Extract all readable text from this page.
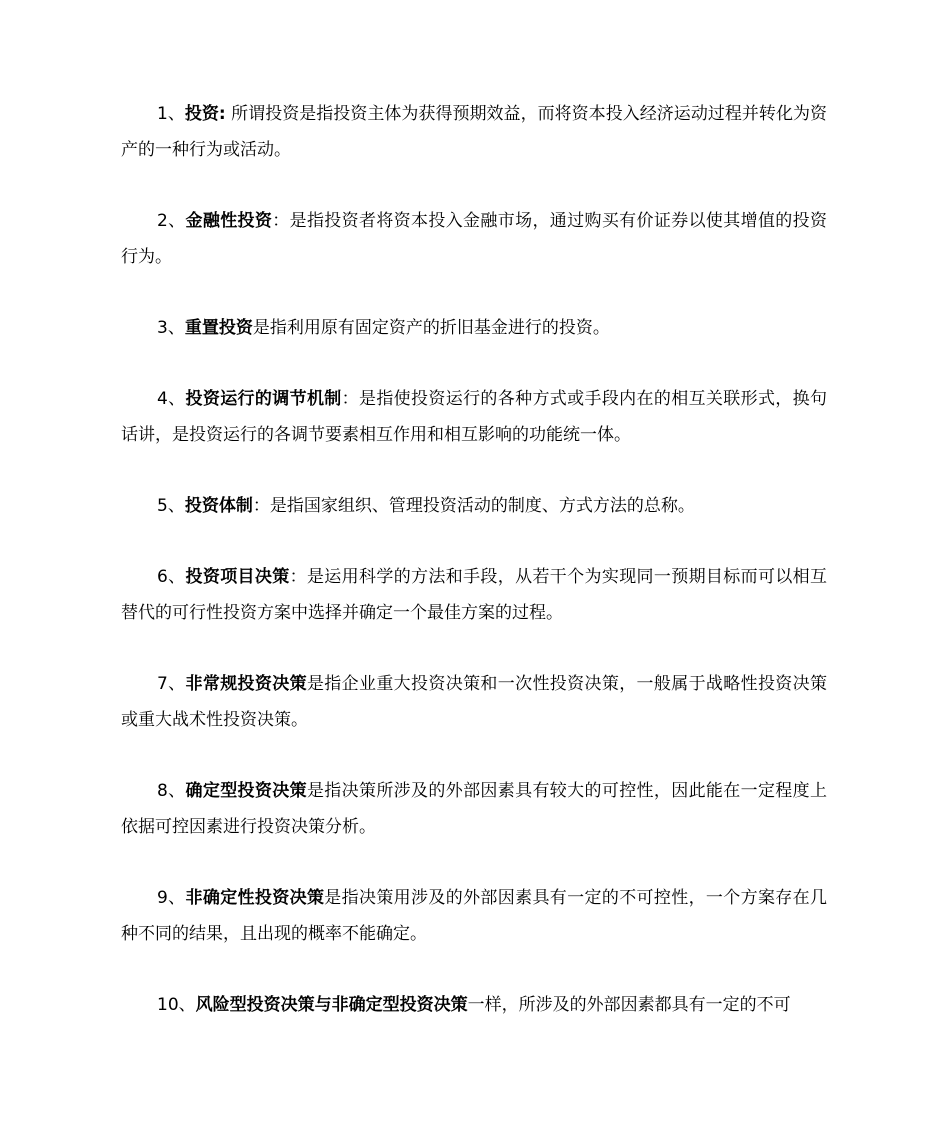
1、投资: 所谓投资是指投资主体为获得预期效益，而将资本投入经济运动过程并转化为资产的一种行为或活动。

2、金融性投资：是指投资者将资本投入金融市场，通过购买有价证券以使其增值的投资行为。

3、重置投资是指利用原有固定资产的折旧基金进行的投资。

4、投资运行的调节机制：是指使投资运行的各种方式或手段内在的相互关联形式，换句话讲，是投资运行的各调节要素相互作用和相互影响的功能统一体。

5、投资体制：是指国家组织、管理投资活动的制度、方式方法的总称。

6、投资项目决策：是运用科学的方法和手段，从若干个为实现同一预期目标而可以相互替代的可行性投资方案中选择并确定一个最佳方案的过程。

7、非常规投资决策是指企业重大投资决策和一次性投资决策，一般属于战略性投资决策或重大战术性投资决策。

8、确定型投资决策是指决策所涉及的外部因素具有较大的可控性，因此能在一定程度上依据可控因素进行投资决策分析。

9、非确定性投资决策是指决策用涉及的外部因素具有一定的不可控性，一个方案存在几种不同的结果，且出现的概率不能确定。

10、风险型投资决策与非确定型投资决策一样，所涉及的外部因素都具有一定的不可
